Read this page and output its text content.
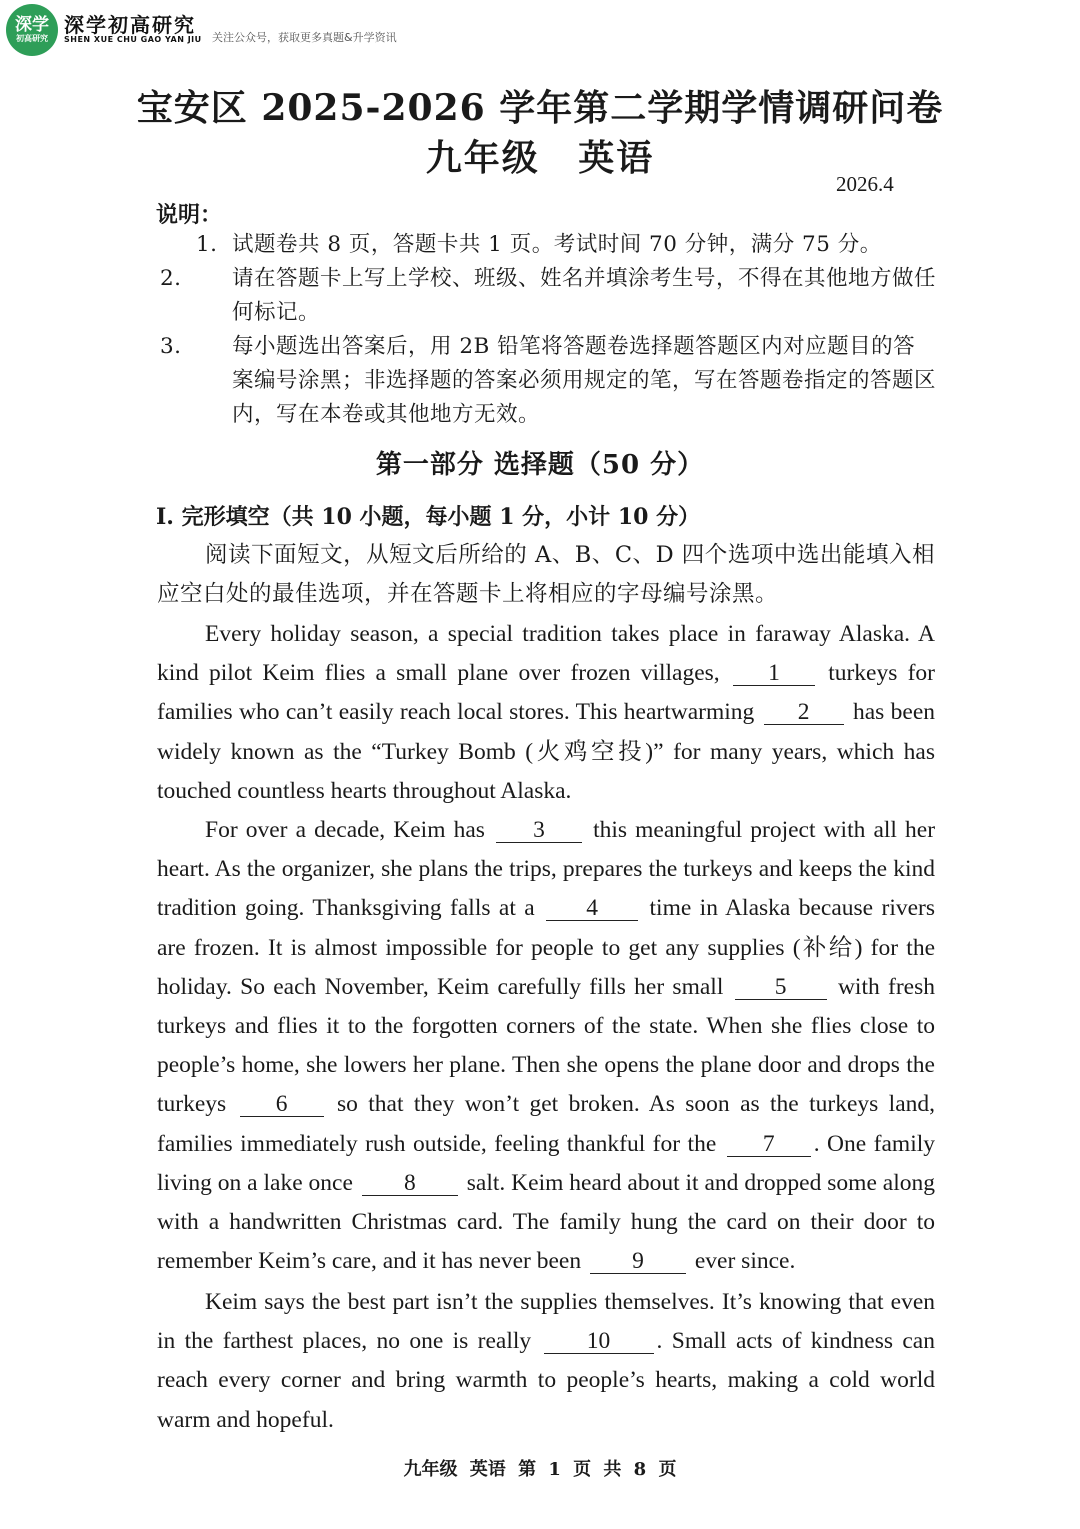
深学
初高研究
深学初高研究
SHEN XUE CHU GAO YAN JIU 关注公众号，获取更多真题&升学资讯
宝安区 2025-2026 学年第二学期学情调研问卷
九年级 英语
2026.4
说明：
1. 试题卷共 8 页，答题卡共 1 页。考试时间 70 分钟，满分 75 分。
2. 请在答题卡上写上学校、班级、姓名并填涂考生号，不得在其他地方做任何标记。
3. 每小题选出答案后，用 2B 铅笔将答题卷选择题答题区内对应题目的答案编号涂黑；非选择题的答案必须用规定的笔，写在答题卷指定的答题区内，写在本卷或其他地方无效。
第一部分 选择题（50 分）
I. 完形填空（共 10 小题，每小题 1 分，小计 10 分）
阅读下面短文，从短文后所给的 A、B、C、D 四个选项中选出能填入相应空白处的最佳选项，并在答题卡上将相应的字母编号涂黑。
Every holiday season, a special tradition takes place in faraway Alaska. A kind pilot Keim flies a small plane over frozen villages, 1 turkeys for families who can’t easily reach local stores. This heartwarming 2 has been widely known as the “Turkey Bomb (火鸡空投)” for many years, which has touched countless hearts throughout Alaska.
For over a decade, Keim has 3 this meaningful project with all her heart. As the organizer, she plans the trips, prepares the turkeys and keeps the kind tradition going. Thanksgiving falls at a 4 time in Alaska because rivers are frozen. It is almost impossible for people to get any supplies (补给) for the holiday. So each November, Keim carefully fills her small 5 with fresh turkeys and flies it to the forgotten corners of the state. When she flies close to people’s home, she lowers her plane. Then she opens the plane door and drops the turkeys 6 so that they won’t get broken. As soon as the turkeys land, families immediately rush outside, feeling thankful for the 7 . One family living on a lake once 8 salt. Keim heard about it and dropped some along with a handwritten Christmas card. The family hung the card on their door to remember Keim’s care, and it has never been 9 ever since.
Keim says the best part isn’t the supplies themselves. It’s knowing that even in the farthest places, no one is really 10 . Small acts of kindness can reach every corner and bring warmth to people’s hearts, making a cold world warm and hopeful.
九年级 英语 第 1 页 共 8 页
